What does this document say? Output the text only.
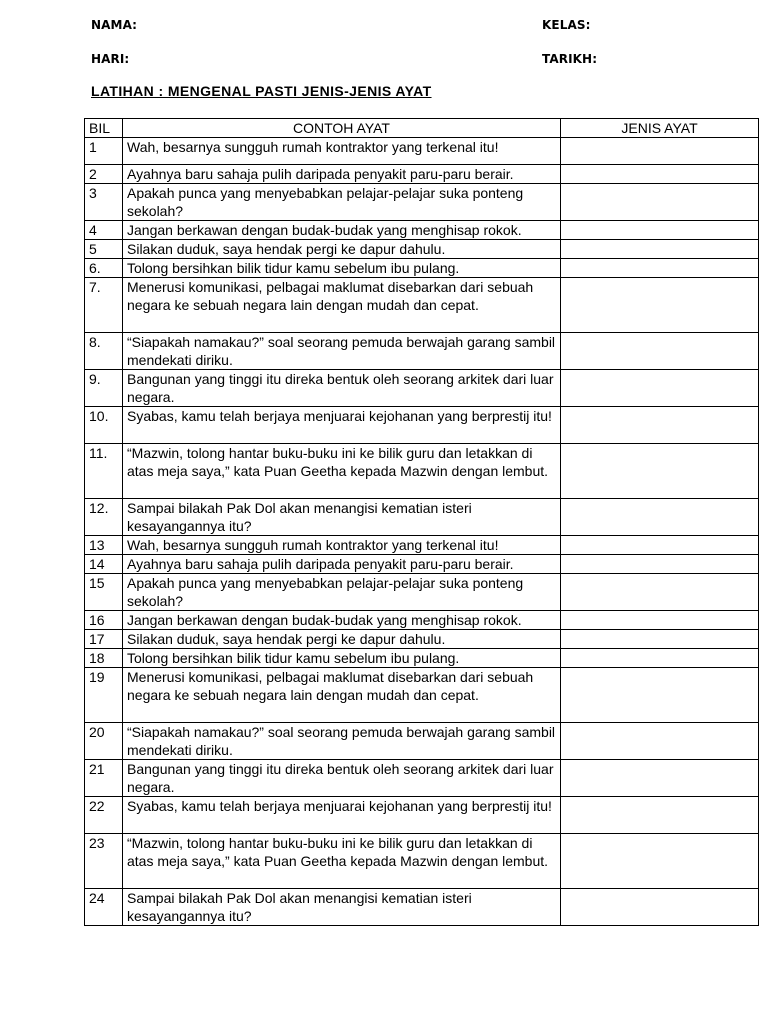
NAMA:	KELAS:
HARI:	TARIKH:
LATIHAN : MENGENAL PASTI JENIS-JENIS AYAT
BIL	CONTOH AYAT	JENIS AYAT
1	Wah, besarnya sungguh rumah kontraktor yang terkenal itu!	
2	Ayahnya baru sahaja pulih daripada penyakit paru-paru berair.	
3	Apakah punca yang menyebabkan pelajar-pelajar suka ponteng sekolah?	
4	Jangan berkawan dengan budak-budak yang menghisap rokok.	
5	Silakan duduk, saya hendak pergi ke dapur dahulu.	
6.	Tolong bersihkan bilik tidur kamu sebelum ibu pulang.	
7.	Menerusi komunikasi, pelbagai maklumat disebarkan dari sebuah negara ke sebuah negara lain dengan mudah dan cepat.	
8.	“Siapakah namakau?” soal seorang pemuda berwajah garang sambil mendekati diriku.	
9.	Bangunan yang tinggi itu direka bentuk oleh seorang arkitek dari luar negara.	
10.	Syabas, kamu telah berjaya menjuarai kejohanan yang berprestij itu!	
11.	“Mazwin, tolong hantar buku-buku ini ke bilik guru dan letakkan di atas meja saya,” kata Puan Geetha kepada Mazwin dengan lembut.	
12.	Sampai bilakah Pak Dol akan menangisi kematian isteri kesayangannya itu?	
13	Wah, besarnya sungguh rumah kontraktor yang terkenal itu!	
14	Ayahnya baru sahaja pulih daripada penyakit paru-paru berair.	
15	Apakah punca yang menyebabkan pelajar-pelajar suka ponteng sekolah?	
16	Jangan berkawan dengan budak-budak yang menghisap rokok.	
17	Silakan duduk, saya hendak pergi ke dapur dahulu.	
18	Tolong bersihkan bilik tidur kamu sebelum ibu pulang.	
19	Menerusi komunikasi, pelbagai maklumat disebarkan dari sebuah negara ke sebuah negara lain dengan mudah dan cepat.	
20	“Siapakah namakau?” soal seorang pemuda berwajah garang sambil mendekati diriku.	
21	Bangunan yang tinggi itu direka bentuk oleh seorang arkitek dari luar negara.	
22	Syabas, kamu telah berjaya menjuarai kejohanan yang berprestij itu!	
23	“Mazwin, tolong hantar buku-buku ini ke bilik guru dan letakkan di atas meja saya,” kata Puan Geetha kepada Mazwin dengan lembut.	
24	Sampai bilakah Pak Dol akan menangisi kematian isteri kesayangannya itu?	
